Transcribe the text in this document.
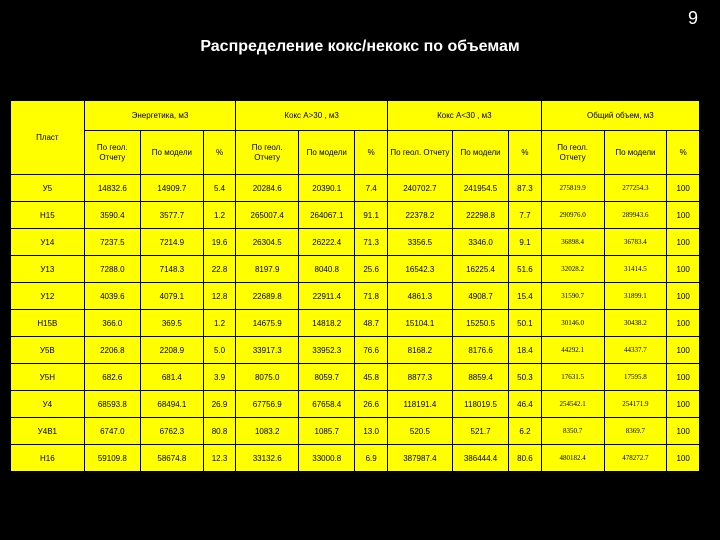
9
Распределение кокс/некокс по объемам
Пласт	Энергетика, м3			Кокс A>30 , м3			Кокс A<30 , м3			Общий объем, м3		
	По геол. Отчету	По модели	%	По геол. Отчету	По модели	%	По геол. Отчету	По модели	%	По геол. Отчету	По модели	%
У5	14832.6	14909.7	5.4	20284.6	20390.1	7.4	240702.7	241954.5	87.3	275819.9	277254.3	100
Н15	3590.4	3577.7	1.2	265007.4	264067.1	91.1	22378.2	22298.8	7.7	290976.0	289943.6	100
У14	7237.5	7214.9	19.6	26304.5	26222.4	71.3	3356.5	3346.0	9.1	36898.4	36783.4	100
У13	7288.0	7148.3	22.8	8197.9	8040.8	25.6	16542.3	16225.4	51.6	32028.2	31414.5	100
У12	4039.6	4079.1	12.8	22689.8	22911.4	71.8	4861.3	4908.7	15.4	31590.7	31899.1	100
Н15В	366.0	369.5	1.2	14675.9	14818.2	48.7	15104.1	15250.5	50.1	30146.0	30438.2	100
У5В	2206.8	2208.9	5.0	33917.3	33952.3	76.6	8168.2	8176.6	18.4	44292.1	44337.7	100
У5Н	682.6	681.4	3.9	8075.0	8059.7	45.8	8877.3	8859.4	50.3	17631.5	17595.8	100
У4	68593.8	68494.1	26.9	67756.9	67658.4	26.6	118191.4	118019.5	46.4	254542.1	254171.9	100
У4В1	6747.0	6762.3	80.8	1083.2	1085.7	13.0	520.5	521.7	6.2	8350.7	8369.7	100
Н16	59109.8	58674.8	12.3	33132.6	33000.8	6.9	387987.4	386444.4	80.6	480182.4	478272.7	100
